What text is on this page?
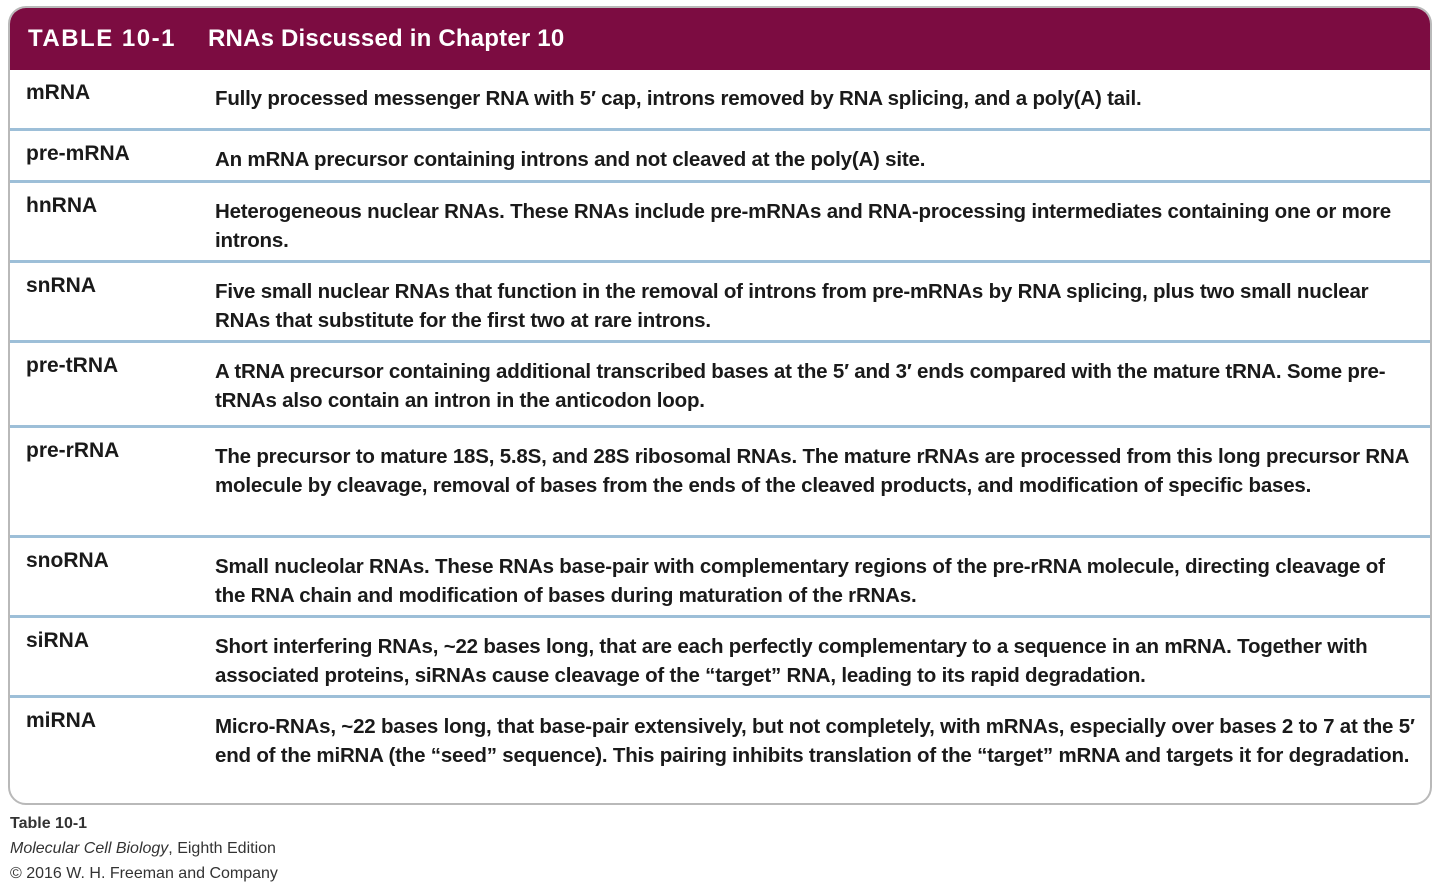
TABLE 10-1	RNAs Discussed in Chapter 10
mRNA	Fully processed messenger RNA with 5′ cap, introns removed by RNA splicing, and a poly(A) tail.
pre-mRNA	An mRNA precursor containing introns and not cleaved at the poly(A) site.
hnRNA	Heterogeneous nuclear RNAs. These RNAs include pre-mRNAs and RNA-processing intermediates containing one or more introns.
snRNA	Five small nuclear RNAs that function in the removal of introns from pre-mRNAs by RNA splicing, plus two small nuclear RNAs that substitute for the first two at rare introns.
pre-tRNA	A tRNA precursor containing additional transcribed bases at the 5′ and 3′ ends compared with the mature tRNA. Some pre-tRNAs also contain an intron in the anticodon loop.
pre-rRNA	The precursor to mature 18S, 5.8S, and 28S ribosomal RNAs. The mature rRNAs are processed from this long precursor RNA molecule by cleavage, removal of bases from the ends of the cleaved products, and modification of specific bases.
snoRNA	Small nucleolar RNAs. These RNAs base-pair with complementary regions of the pre-rRNA molecule, directing cleavage of the RNA chain and modification of bases during maturation of the rRNAs.
siRNA	Short interfering RNAs, ~22 bases long, that are each perfectly complementary to a sequence in an mRNA. Together with associated proteins, siRNAs cause cleavage of the “target” RNA, leading to its rapid degradation.
miRNA	Micro-RNAs, ~22 bases long, that base-pair extensively, but not completely, with mRNAs, especially over bases 2 to 7 at the 5′ end of the miRNA (the “seed” sequence). This pairing inhibits translation of the “target” mRNA and targets it for degradation.
Table 10-1
Molecular Cell Biology, Eighth Edition
© 2016 W. H. Freeman and Company
